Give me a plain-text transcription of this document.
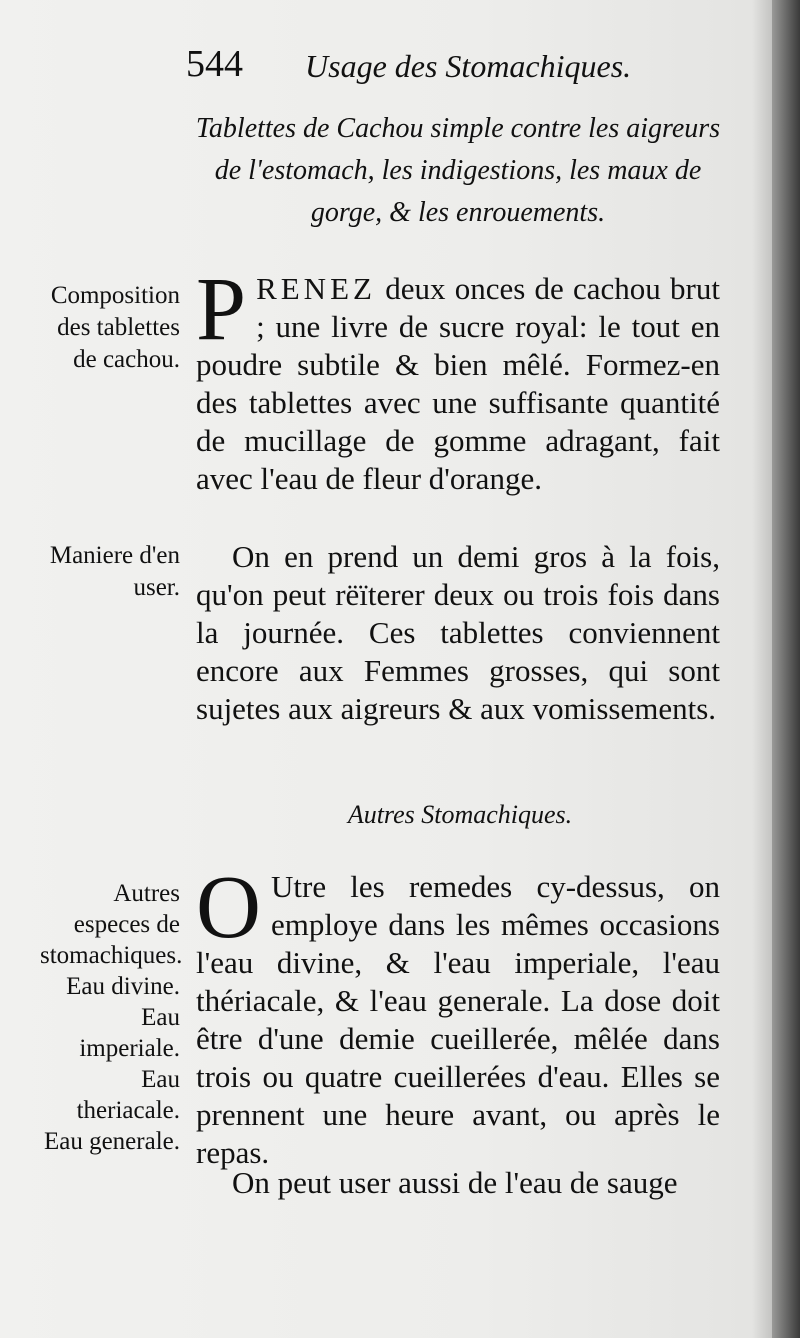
544 Usage des Stomachiques.
Tablettes de Cachou simple contre les aigreurs de l'estomach, les indigestions, les maux de gorge, & les enrouements.
Composition des tablettes de cachou.
Maniere d'en user.
PRENEZ deux onces de cachou brut ; une livre de sucre royal: le tout en poudre subtile & bien mêlé. Formez-en des tablettes avec une suffisante quantité de mucillage de gomme adragant, fait avec l'eau de fleur d'orange.
On en prend un demi gros à la fois, qu'on peut rëïterer deux ou trois fois dans la journée. Ces tablettes conviennent encore aux Femmes grosses, qui sont sujetes aux aigreurs & aux vomissements.
Autres Stomachiques.
Autres especes de stomachiques.
Eau divine.
Eau imperiale.
Eau theriacale.
Eau generale.
O Utre les remedes cy-dessus, on employe dans les mêmes occasions l'eau divine, & l'eau imperiale, l'eau thériacale, & l'eau generale. La dose doit être d'une demie cueillerée, mêlée dans trois ou quatre cueillerées d'eau. Elles se prennent une heure avant, ou après le repas.
On peut user aussi de l'eau de sauge
